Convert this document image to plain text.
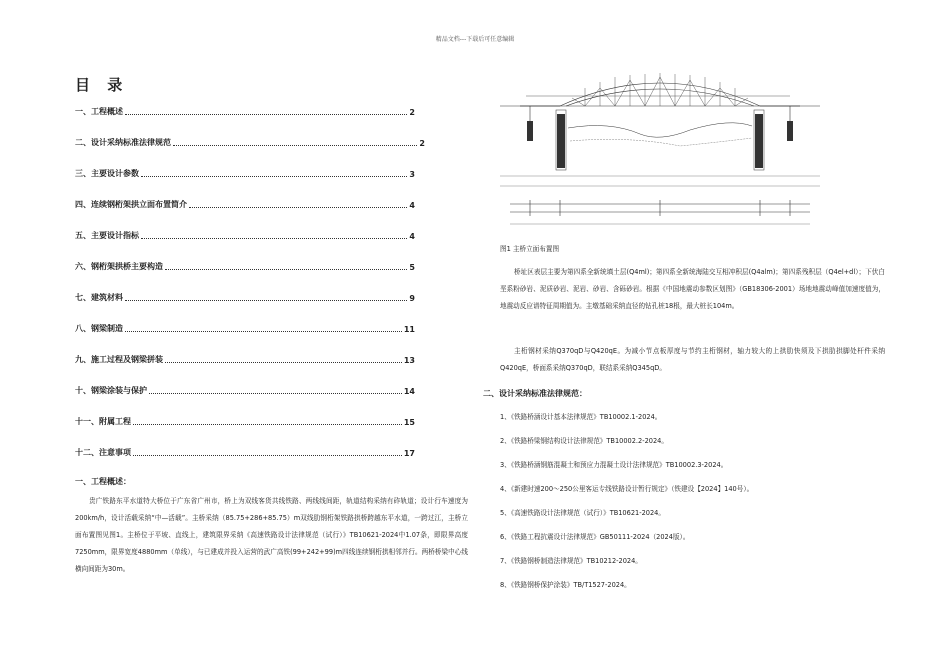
精品文档---下载后可任意编辑
目 录
一、工程概述	2
二、设计采纳标准法律规范	2
三、主要设计参数	3
四、连续钢桁架拱立面布置简介	4
五、主要设计指标	4
六、钢桁架拱桥主要构造	5
七、建筑材料	9
八、钢梁制造	11
九、施工过程及钢梁拼装	13
十、钢梁涂装与保护	14
十一、附属工程	15
十二、注意事项	17
一、工程概述：
贵广铁路东平水道特大桥位于广东省广州市，桥上为双线客货共线铁路、两线线间距，轨道结构采纳有砟轨道；设计行车速度为200km/h，设计活载采纳“中—活载”。主桥采纳（85.75+286+85.75）m双线肋钢桁架铁路拱桥跨越东平水道，一跨过江，主桥立面布置图见图1。主桥位于平坡、直线上，建筑限界采纳《高速铁路设计法律规范（试行）》TB10621-2024中1.07条，即限界高度7250mm，限界宽度4880mm（单线），与已建成并投入运营的武广高铁(99+242+99)m四线连续钢桁拱相邻并行。两桥桥梁中心线横向间距为30m。
图1 主桥立面布置图
桥址区表层主要为第四系全新统填土层(Q4ml)；第四系全新统海陆交互相冲积层(Q4alm)；第四系残积层（Q4el+dl）；下伏白垩系粉砂岩、泥质砂岩、泥岩、砂岩、含砾砂岩。根据《中国地震动参数区划图》（GB18306-2001）场地地震动峰值加速度值为，地震动反应谱特征周期值为。主墩基础采纳直径的钻孔桩18根，最大桩长104m。
主桁钢材采纳Q370qD与Q420qE。为减小节点板厚度与节约主桁钢材，轴力较大的上拱肋快须及下拱肋拱脚处杆件采纳Q420qE，桥面系采纳Q370qD，联结系采纳Q345qD。
二、设计采纳标准法律规范：
1、《铁路桥涵设计基本法律规范》TB10002.1-2024。
2、《铁路桥梁钢结构设计法律规范》TB10002.2-2024。
3、《铁路桥涵钢筋混凝土和预应力混凝土设计法律规范》TB10002.3-2024。
4、《新建时速200～250公里客运专线铁路设计暂行规定》（铁建设【2024】140号）。
5、《高速铁路设计法律规范（试行）》TB10621-2024。
6、《铁路工程抗震设计法律规范》GB50111-2024（2024版）。
7、《铁路钢桥制造法律规范》TB10212-2024。
8、《铁路钢桥保护涂装》TB/T1527-2024。
